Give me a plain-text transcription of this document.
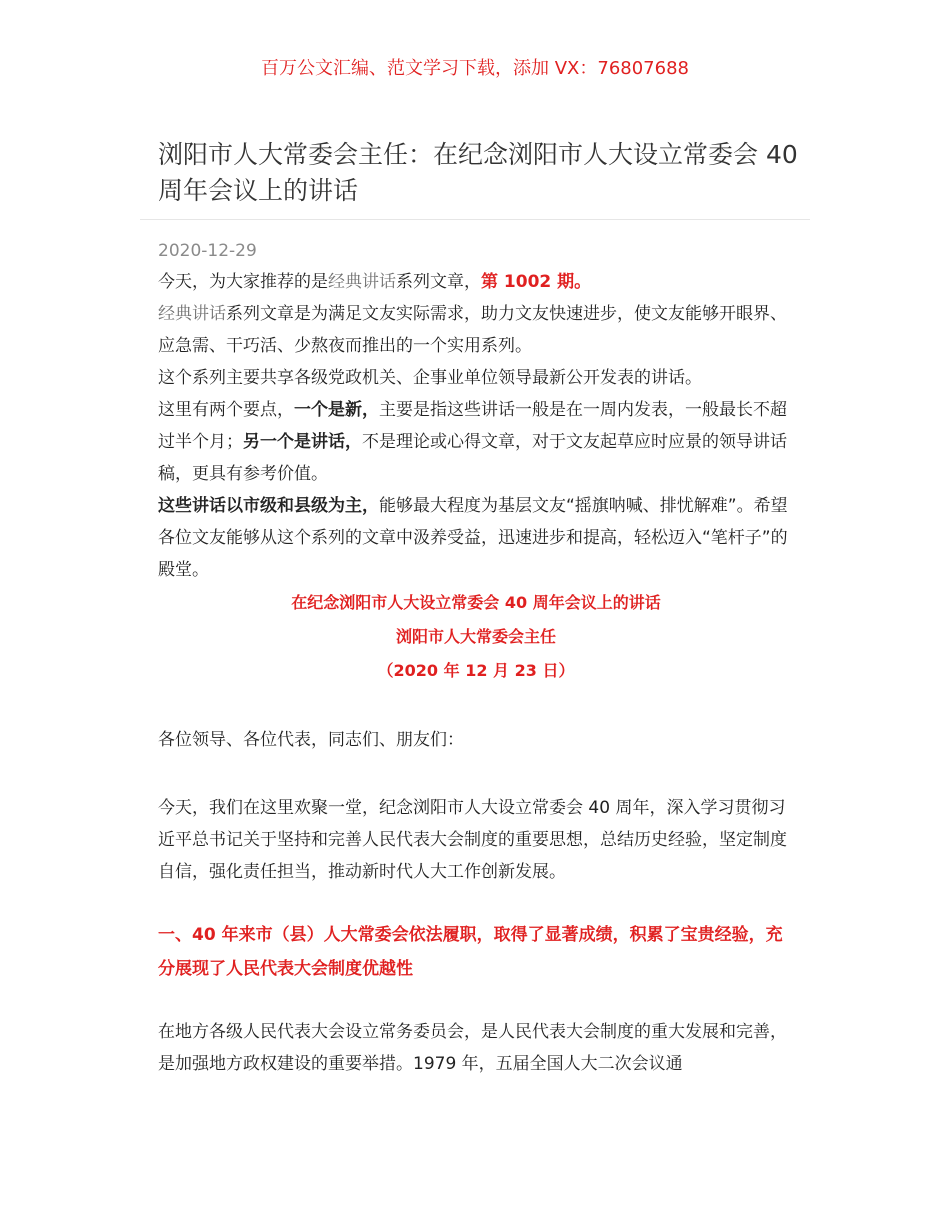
百万公文汇编、范文学习下载，添加 VX：76807688
浏阳市人大常委会主任：在纪念浏阳市人大设立常委会 40 周年会议上的讲话
2020-12-29

今天，为大家推荐的是经典讲话系列文章，第 1002 期。

经典讲话系列文章是为满足文友实际需求，助力文友快速进步，使文友能够开眼界、应急需、干巧活、少熬夜而推出的一个实用系列。

这个系列主要共享各级党政机关、企事业单位领导最新公开发表的讲话。

这里有两个要点，一个是新，主要是指这些讲话一般是在一周内发表，一般最长不超过半个月；另一个是讲话，不是理论或心得文章，对于文友起草应时应景的领导讲话稿，更具有参考价值。

这些讲话以市级和县级为主，能够最大程度为基层文友“摇旗呐喊、排忧解难”。希望各位文友能够从这个系列的文章中汲养受益，迅速进步和提高，轻松迈入“笔杆子”的殿堂。

在纪念浏阳市人大设立常委会 40 周年会议上的讲话

浏阳市人大常委会主任

（2020 年 12 月 23 日）

各位领导、各位代表，同志们、朋友们：

今天，我们在这里欢聚一堂，纪念浏阳市人大设立常委会 40 周年，深入学习贯彻习近平总书记关于坚持和完善人民代表大会制度的重要思想，总结历史经验，坚定制度自信，强化责任担当，推动新时代人大工作创新发展。

一、40 年来市（县）人大常委会依法履职，取得了显著成绩，积累了宝贵经验，充分展现了人民代表大会制度优越性

在地方各级人民代表大会设立常务委员会，是人民代表大会制度的重大发展和完善，是加强地方政权建设的重要举措。1979 年，五届全国人大二次会议通
